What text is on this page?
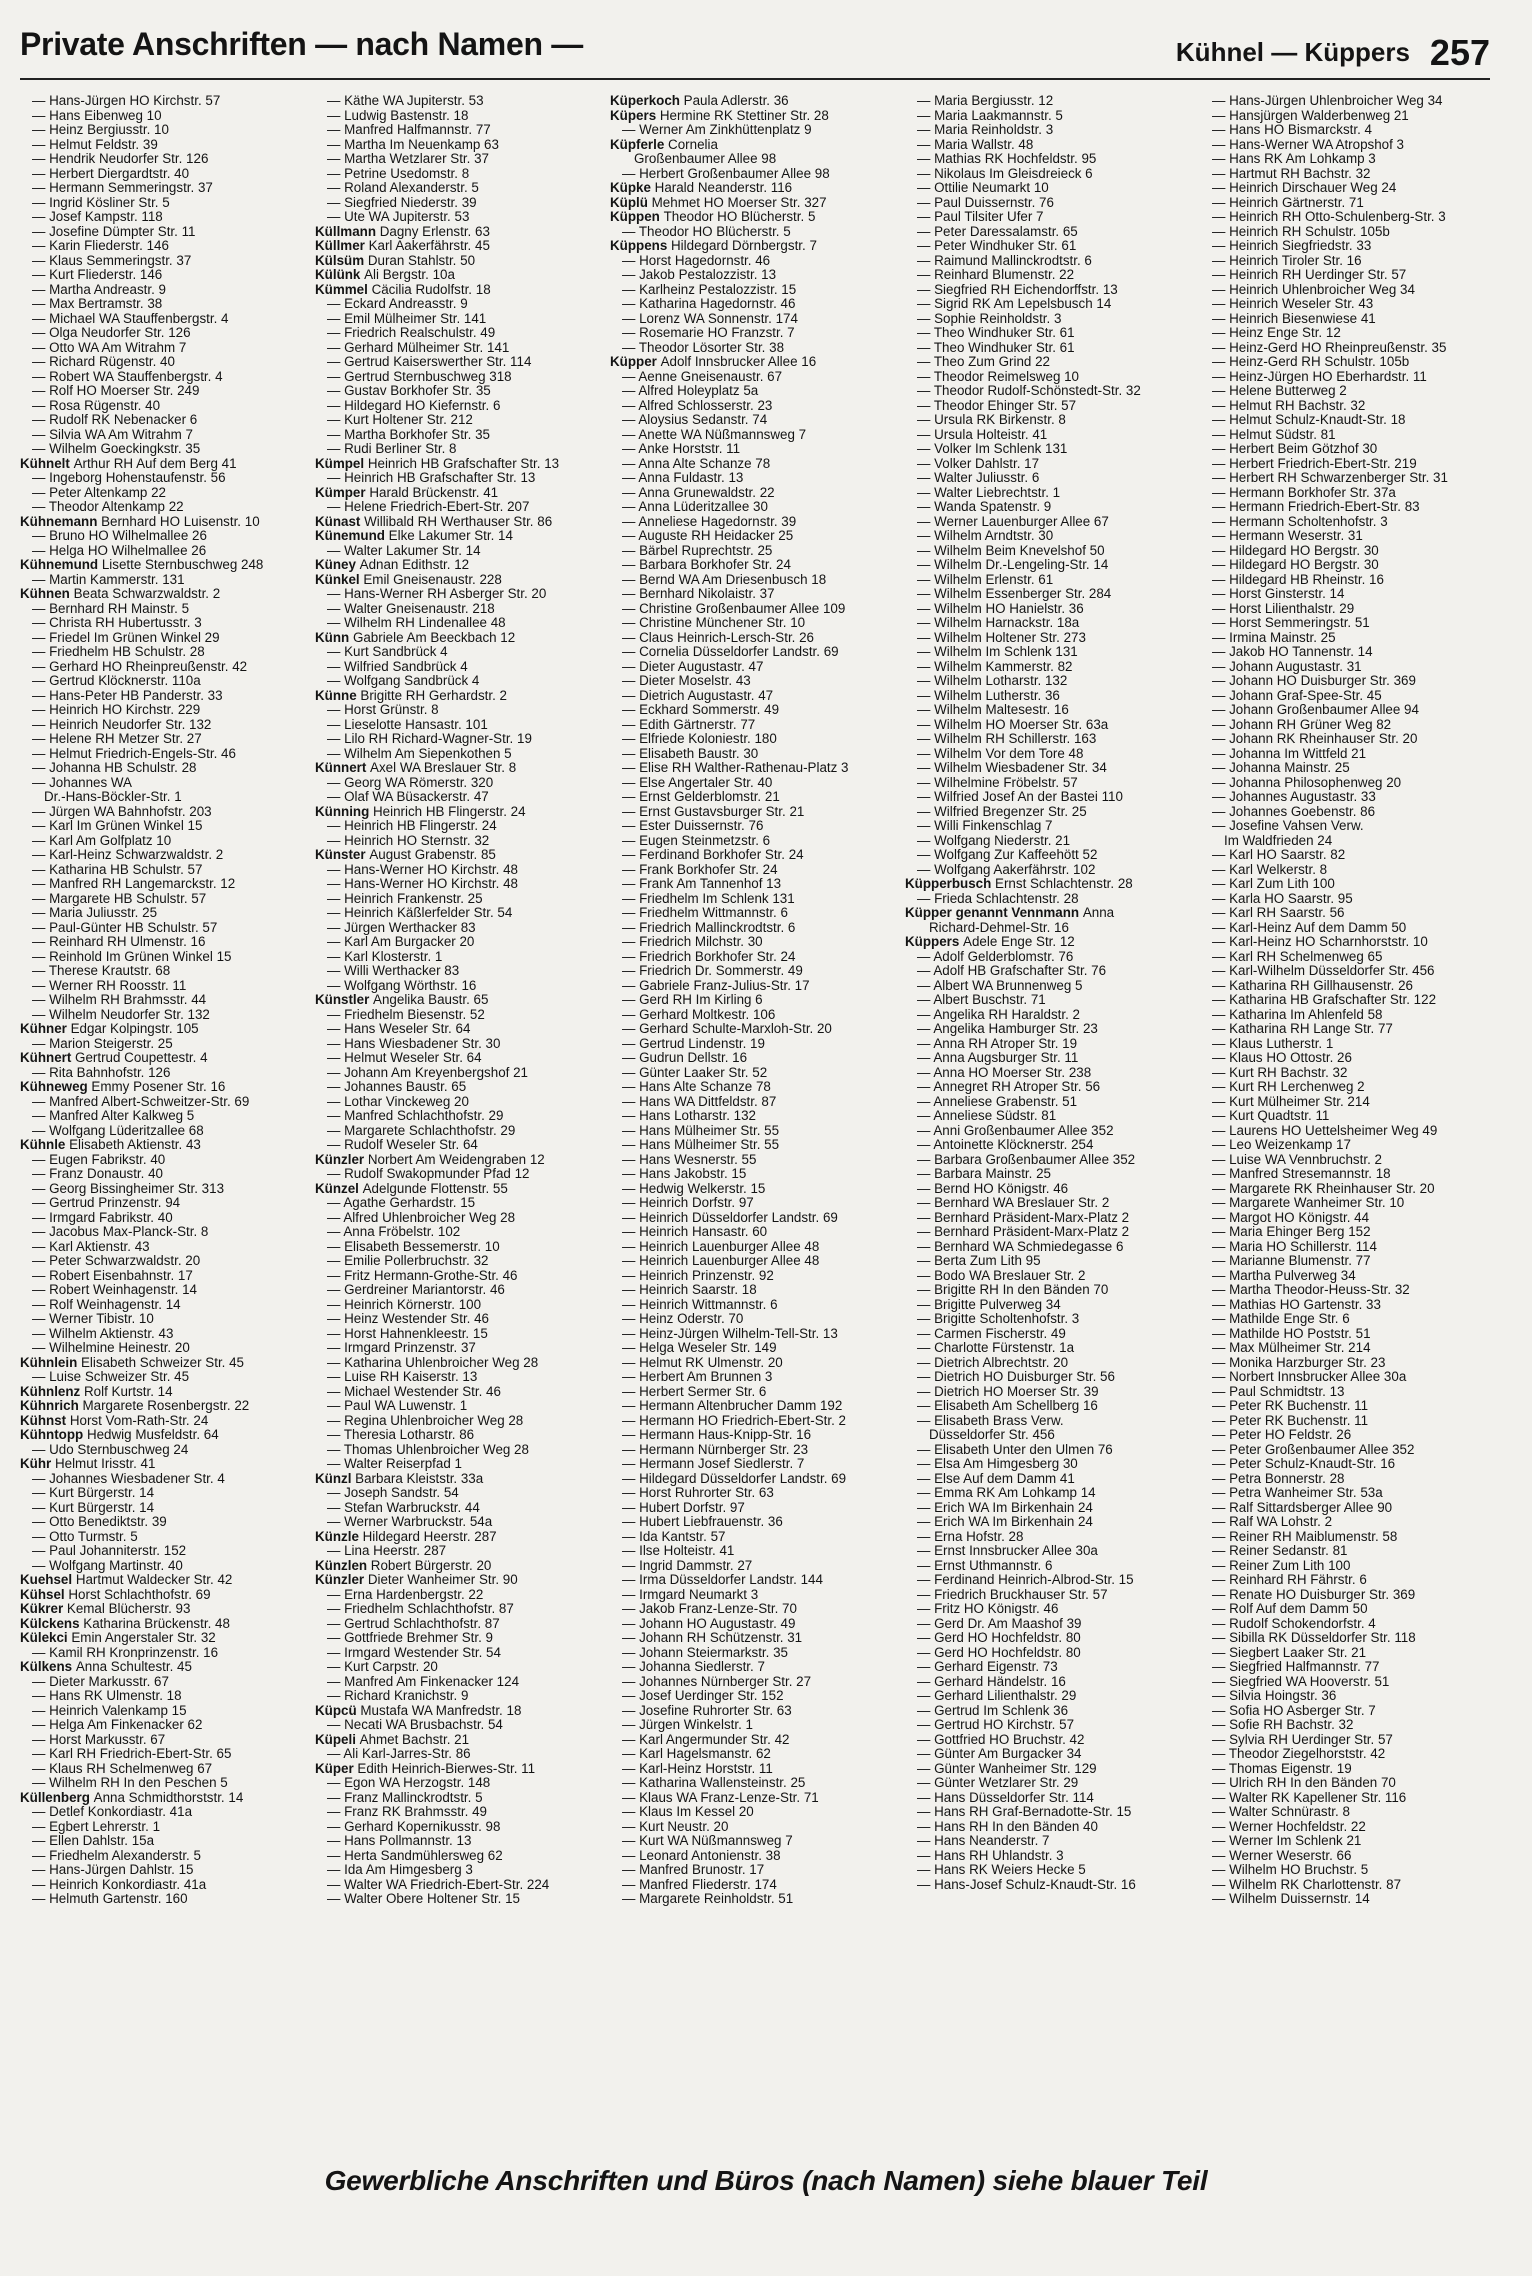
Private Anschriften — nach Namen —	Kühnel — Küppers 257
— Hans-Jürgen HO Kirchstr. 57
— Hans Eibenweg 10
— Heinz Bergiusstr. 10
— Helmut Feldstr. 39
— Hendrik Neudorfer Str. 126
— Herbert Diergardtstr. 40
— Hermann Semmeringstr. 37
— Ingrid Kösliner Str. 5
— Josef Kampstr. 118
— Josefine Dümpter Str. 11
— Karin Fliederstr. 146
— Klaus Semmeringstr. 37
— Kurt Fliederstr. 146
— Martha Andreastr. 9
— Max Bertramstr. 38
— Michael WA Stauffenbergstr. 4
— Olga Neudorfer Str. 126
— Otto WA Am Witrahm 7
— Richard Rügenstr. 40
— Robert WA Stauffenbergstr. 4
— Rolf HO Moerser Str. 249
— Rosa Rügenstr. 40
— Rudolf RK Nebenacker 6
— Silvia WA Am Witrahm 7
— Wilhelm Goeckingkstr. 35
Kühnelt Arthur RH Auf dem Berg 41
— Ingeborg Hohenstaufenstr. 56
— Peter Altenkamp 22
— Theodor Altenkamp 22
Kühnemann Bernhard HO Luisenstr. 10
— Bruno HO Wilhelmallee 26
— Helga HO Wilhelmallee 26
Kühnemund Lisette Sternbuschweg 248
— Martin Kammerstr. 131
Kühnen Beata Schwarzwaldstr. 2
— Bernhard RH Mainstr. 5
— Christa RH Hubertusstr. 3
— Friedel Im Grünen Winkel 29
— Friedhelm HB Schulstr. 28
— Gerhard HO Rheinpreußenstr. 42
— Gertrud Klöcknerstr. 110a
— Hans-Peter HB Panderstr. 33
— Heinrich HO Kirchstr. 229
— Heinrich Neudorfer Str. 132
— Helene RH Metzer Str. 27
— Helmut Friedrich-Engels-Str. 46
— Johanna HB Schulstr. 28
— Johannes WA
Dr.-Hans-Böckler-Str. 1
— Jürgen WA Bahnhofstr. 203
— Karl Im Grünen Winkel 15
— Karl Am Golfplatz 10
— Karl-Heinz Schwarzwaldstr. 2
— Katharina HB Schulstr. 57
— Manfred RH Langemarckstr. 12
— Margarete HB Schulstr. 57
— Maria Juliusstr. 25
— Paul-Günter HB Schulstr. 57
— Reinhard RH Ulmenstr. 16
— Reinhold Im Grünen Winkel 15
— Therese Krautstr. 68
— Werner RH Roosstr. 11
— Wilhelm RH Brahmsstr. 44
— Wilhelm Neudorfer Str. 132
Kühner Edgar Kolpingstr. 105
— Marion Steigerstr. 25
Kühnert Gertrud Coupettestr. 4
— Rita Bahnhofstr. 126
Kühneweg Emmy Posener Str. 16
— Manfred Albert-Schweitzer-Str. 69
— Manfred Alter Kalkweg 5
— Wolfgang Lüderitzallee 68
Kühnle Elisabeth Aktienstr. 43
— Eugen Fabrikstr. 40
— Franz Donaustr. 40
— Georg Bissingheimer Str. 313
— Gertrud Prinzenstr. 94
— Irmgard Fabrikstr. 40
— Jacobus Max-Planck-Str. 8
— Karl Aktienstr. 43
— Peter Schwarzwaldstr. 20
— Robert Eisenbahnstr. 17
— Robert Weinhagenstr. 14
— Rolf Weinhagenstr. 14
— Werner Tibistr. 10
— Wilhelm Aktienstr. 43
— Wilhelmine Heinestr. 20
Kühnlein Elisabeth Schweizer Str. 45
— Luise Schweizer Str. 45
Kühnlenz Rolf Kurtstr. 14
Kühnrich Margarete Rosenbergstr. 22
Kühnst Horst Vom-Rath-Str. 24
Kühntopp Hedwig Musfeldstr. 64
— Udo Sternbuschweg 24
Kühr Helmut Irisstr. 41
— Johannes Wiesbadener Str. 4
— Kurt Bürgerstr. 14
— Kurt Bürgerstr. 14
— Otto Benediktstr. 39
— Otto Turmstr. 5
— Paul Johanniterstr. 152
— Wolfgang Martinstr. 40
Kuehsel Hartmut Waldecker Str. 42
Kühsel Horst Schlachthofstr. 69
Kükrer Kemal Blücherstr. 93
Külckens Katharina Brückenstr. 48
Külekci Emin Angerstaler Str. 32
— Kamil RH Kronprinzenstr. 16
Külkens Anna Schultestr. 45
— Dieter Markusstr. 67
— Hans RK Ulmenstr. 18
— Heinrich Valenkamp 15
— Helga Am Finkenacker 62
— Horst Markusstr. 67
— Karl RH Friedrich-Ebert-Str. 65
— Klaus RH Schelmenweg 67
— Wilhelm RH In den Peschen 5
Küllenberg Anna Schmidthorststr. 14
— Detlef Konkordiastr. 41a
— Egbert Lehrerstr. 1
— Ellen Dahlstr. 15a
— Friedhelm Alexanderstr. 5
— Hans-Jürgen Dahlstr. 15
— Heinrich Konkordiastr. 41a
— Helmuth Gartenstr. 160
— Käthe WA Jupiterstr. 53
— Ludwig Bastenstr. 18
— Manfred Halfmannstr. 77
— Martha Im Neuenkamp 63
— Martha Wetzlarer Str. 37
— Petrine Usedomstr. 8
— Roland Alexanderstr. 5
— Siegfried Niederstr. 39
— Ute WA Jupiterstr. 53
Küllmann Dagny Erlenstr. 63
Küllmer Karl Aakerfährstr. 45
Külsüm Duran Stahlstr. 50
Külünk Ali Bergstr. 10a
Kümmel Cäcilia Rudolfstr. 18
— Eckard Andreasstr. 9
— Emil Mülheimer Str. 141
— Friedrich Realschulstr. 49
— Gerhard Mülheimer Str. 141
— Gertrud Kaiserswerther Str. 114
— Gertrud Sternbuschweg 318
— Gustav Borkhofer Str. 35
— Hildegard HO Kiefernstr. 6
— Kurt Holtener Str. 212
— Martha Borkhofer Str. 35
— Rudi Berliner Str. 8
Kümpel Heinrich HB Grafschafter Str. 13
— Heinrich HB Grafschafter Str. 13
Kümper Harald Brückenstr. 41
— Helene Friedrich-Ebert-Str. 207
Künast Willibald RH Werthauser Str. 86
Künemund Elke Lakumer Str. 14
— Walter Lakumer Str. 14
Küney Adnan Edithstr. 12
Künkel Emil Gneisenaustr. 228
— Hans-Werner RH Asberger Str. 20
— Walter Gneisenaustr. 218
— Wilhelm RH Lindenallee 48
Künn Gabriele Am Beeckbach 12
— Kurt Sandbrück 4
— Wilfried Sandbrück 4
— Wolfgang Sandbrück 4
Künne Brigitte RH Gerhardstr. 2
— Horst Grünstr. 8
— Lieselotte Hansastr. 101
— Lilo RH Richard-Wagner-Str. 19
— Wilhelm Am Siepenkothen 5
Künnert Axel WA Breslauer Str. 8
— Georg WA Römerstr. 320
— Olaf WA Büsackerstr. 47
Künning Heinrich HB Flingerstr. 24
— Heinrich HB Flingerstr. 24
— Heinrich HO Sternstr. 32
Künster August Grabenstr. 85
— Hans-Werner HO Kirchstr. 48
— Hans-Werner HO Kirchstr. 48
— Heinrich Frankenstr. 25
— Heinrich Käßlerfelder Str. 54
— Jürgen Werthacker 83
— Karl Am Burgacker 20
— Karl Klosterstr. 1
— Willi Werthacker 83
— Wolfgang Wörthstr. 16
Künstler Angelika Baustr. 65
— Friedhelm Biesenstr. 52
— Hans Weseler Str. 64
— Hans Wiesbadener Str. 30
— Helmut Weseler Str. 64
— Johann Am Kreyenbergshof 21
— Johannes Baustr. 65
— Lothar Vinckeweg 20
— Manfred Schlachthofstr. 29
— Margarete Schlachthofstr. 29
— Rudolf Weseler Str. 64
Künzler Norbert Am Weidengraben 12
— Rudolf Swakopmunder Pfad 12
Künzel Adelgunde Flottenstr. 55
— Agathe Gerhardstr. 15
— Alfred Uhlenbroicher Weg 28
— Anna Fröbelstr. 102
— Elisabeth Bessemerstr. 10
— Emilie Pollerbruchstr. 32
— Fritz Hermann-Grothe-Str. 46
— Gerdreiner Mariantorstr. 46
— Heinrich Körnerstr. 100
— Heinz Westender Str. 46
— Horst Hahnenkleestr. 15
— Irmgard Prinzenstr. 37
— Katharina Uhlenbroicher Weg 28
— Luise RH Kaiserstr. 13
— Michael Westender Str. 46
— Paul WA Luwenstr. 1
— Regina Uhlenbroicher Weg 28
— Theresia Lotharstr. 86
— Thomas Uhlenbroicher Weg 28
— Walter Reiserpfad 1
Künzl Barbara Kleiststr. 33a
— Joseph Sandstr. 54
— Stefan Warbruckstr. 44
— Werner Warbruckstr. 54a
Künzle Hildegard Heerstr. 287
— Lina Heerstr. 287
Künzlen Robert Bürgerstr. 20
Künzler Dieter Wanheimer Str. 90
— Erna Hardenbergstr. 22
— Friedhelm Schlachthofstr. 87
— Gertrud Schlachthofstr. 87
— Gottfriede Brehmer Str. 9
— Irmgard Westender Str. 54
— Kurt Carpstr. 20
— Manfred Am Finkenacker 124
— Richard Kranichstr. 9
Küpcü Mustafa WA Manfredstr. 18
— Necati WA Brusbachstr. 54
Küpeli Ahmet Bachstr. 21
— Ali Karl-Jarres-Str. 86
Küper Edith Heinrich-Bierwes-Str. 11
— Egon WA Herzogstr. 148
— Franz Mallinckrodtstr. 5
— Franz RK Brahmsstr. 49
— Gerhard Kopernikusstr. 98
— Hans Pollmannstr. 13
— Herta Sandmühlersweg 62
— Ida Am Himgesberg 3
— Walter WA Friedrich-Ebert-Str. 224
— Walter Obere Holtener Str. 15
Küperkoch Paula Adlerstr. 36
Küpers Hermine RK Stettiner Str. 28
— Werner Am Zinkhüttenplatz 9
Küpferle Cornelia
Großenbaumer Allee 98
— Herbert Großenbaumer Allee 98
Küpke Harald Neanderstr. 116
Küplü Mehmet HO Moerser Str. 327
Küppen Theodor HO Blücherstr. 5
— Theodor HO Blücherstr. 5
Küppens Hildegard Dörnbergstr. 7
— Horst Hagedornstr. 46
— Jakob Pestalozzistr. 13
— Karlheinz Pestalozzistr. 15
— Katharina Hagedornstr. 46
— Lorenz WA Sonnenstr. 174
— Rosemarie HO Franzstr. 7
— Theodor Lösorter Str. 38
Küpper Adolf Innsbrucker Allee 16
— Aenne Gneisenaustr. 67
— Alfred Holeyplatz 5a
— Alfred Schlosserstr. 23
— Aloysius Sedanstr. 74
— Anette WA Nüßmannsweg 7
— Anke Horststr. 11
— Anna Alte Schanze 78
— Anna Fuldastr. 13
— Anna Grunewaldstr. 22
— Anna Lüderitzallee 30
— Anneliese Hagedornstr. 39
— Auguste RH Heidacker 25
— Bärbel Ruprechtstr. 25
— Barbara Borkhofer Str. 24
— Bernd WA Am Driesenbusch 18
— Bernhard Nikolaistr. 37
— Christine Großenbaumer Allee 109
— Christine Münchener Str. 10
— Claus Heinrich-Lersch-Str. 26
— Cornelia Düsseldorfer Landstr. 69
— Dieter Augustastr. 47
— Dieter Moselstr. 43
— Dietrich Augustastr. 47
— Eckhard Sommerstr. 49
— Edith Gärtnerstr. 77
— Elfriede Koloniestr. 180
— Elisabeth Baustr. 30
— Elise RH Walther-Rathenau-Platz 3
— Else Angertaler Str. 40
— Ernst Gelderblomstr. 21
— Ernst Gustavsburger Str. 21
— Ester Duissernstr. 76
— Eugen Steinmetzstr. 6
— Ferdinand Borkhofer Str. 24
— Frank Borkhofer Str. 24
— Frank Am Tannenhof 13
— Friedhelm Im Schlenk 131
— Friedhelm Wittmannstr. 6
— Friedrich Mallinckrodtstr. 6
— Friedrich Milchstr. 30
— Friedrich Borkhofer Str. 24
— Friedrich Dr. Sommerstr. 49
— Gabriele Franz-Julius-Str. 17
— Gerd RH Im Kirling 6
— Gerhard Moltkestr. 106
— Gerhard Schulte-Marxloh-Str. 20
— Gertrud Lindenstr. 19
— Gudrun Dellstr. 16
— Günter Laaker Str. 52
— Hans Alte Schanze 78
— Hans WA Dittfeldstr. 87
— Hans Lotharstr. 132
— Hans Mülheimer Str. 55
— Hans Mülheimer Str. 55
— Hans Wesnerstr. 55
— Hans Jakobstr. 15
— Hedwig Welkerstr. 15
— Heinrich Dorfstr. 97
— Heinrich Düsseldorfer Landstr. 69
— Heinrich Hansastr. 60
— Heinrich Lauenburger Allee 48
— Heinrich Lauenburger Allee 48
— Heinrich Prinzenstr. 92
— Heinrich Saarstr. 18
— Heinrich Wittmannstr. 6
— Heinz Oderstr. 70
— Heinz-Jürgen Wilhelm-Tell-Str. 13
— Helga Weseler Str. 149
— Helmut RK Ulmenstr. 20
— Herbert Am Brunnen 3
— Herbert Sermer Str. 6
— Hermann Altenbrucher Damm 192
— Hermann HO Friedrich-Ebert-Str. 2
— Hermann Haus-Knipp-Str. 16
— Hermann Nürnberger Str. 23
— Hermann Josef Siedlerstr. 7
— Hildegard Düsseldorfer Landstr. 69
— Horst Ruhrorter Str. 63
— Hubert Dorfstr. 97
— Hubert Liebfrauenstr. 36
— Ida Kantstr. 57
— Ilse Holteistr. 41
— Ingrid Dammstr. 27
— Irma Düsseldorfer Landstr. 144
— Irmgard Neumarkt 3
— Jakob Franz-Lenze-Str. 70
— Johann HO Augustastr. 49
— Johann RH Schützenstr. 31
— Johann Steiermarkstr. 35
— Johanna Siedlerstr. 7
— Johannes Nürnberger Str. 27
— Josef Uerdinger Str. 152
— Josefine Ruhrorter Str. 63
— Jürgen Winkelstr. 1
— Karl Angermunder Str. 42
— Karl Hagelsmanstr. 62
— Karl-Heinz Horststr. 11
— Katharina Wallensteinstr. 25
— Klaus WA Franz-Lenze-Str. 71
— Klaus Im Kessel 20
— Kurt Neustr. 20
— Kurt WA Nüßmannsweg 7
— Leonard Antonienstr. 38
— Manfred Brunostr. 17
— Manfred Fliederstr. 174
— Margarete Reinholdstr. 51
— Maria Bergiusstr. 12
— Maria Laakmannstr. 5
— Maria Reinholdstr. 3
— Maria Wallstr. 48
— Mathias RK Hochfeldstr. 95
— Nikolaus Im Gleisdreieck 6
— Ottilie Neumarkt 10
— Paul Duissernstr. 76
— Paul Tilsiter Ufer 7
— Peter Daressalamstr. 65
— Peter Windhuker Str. 61
— Raimund Mallinckrodtstr. 6
— Reinhard Blumenstr. 22
— Siegfried RH Eichendorffstr. 13
— Sigrid RK Am Lepelsbusch 14
— Sophie Reinholdstr. 3
— Theo Windhuker Str. 61
— Theo Windhuker Str. 61
— Theo Zum Grind 22
— Theodor Reimelsweg 10
— Theodor Rudolf-Schönstedt-Str. 32
— Theodor Ehinger Str. 57
— Ursula RK Birkenstr. 8
— Ursula Holteistr. 41
— Volker Im Schlenk 131
— Volker Dahlstr. 17
— Walter Juliusstr. 6
— Walter Liebrechtstr. 1
— Wanda Spatenstr. 9
— Werner Lauenburger Allee 67
— Wilhelm Arndtstr. 30
— Wilhelm Beim Knevelshof 50
— Wilhelm Dr.-Lengeling-Str. 14
— Wilhelm Erlenstr. 61
— Wilhelm Essenberger Str. 284
— Wilhelm HO Hanielstr. 36
— Wilhelm Harnackstr. 18a
— Wilhelm Holtener Str. 273
— Wilhelm Im Schlenk 131
— Wilhelm Kammerstr. 82
— Wilhelm Lotharstr. 132
— Wilhelm Lutherstr. 36
— Wilhelm Maltesestr. 16
— Wilhelm HO Moerser Str. 63a
— Wilhelm RH Schillerstr. 163
— Wilhelm Vor dem Tore 48
— Wilhelm Wiesbadener Str. 34
— Wilhelmine Fröbelstr. 57
— Wilfried Josef An der Bastei 110
— Wilfried Bregenzer Str. 25
— Willi Finkenschlag 7
— Wolfgang Niederstr. 21
— Wolfgang Zur Kaffeehött 52
— Wolfgang Aakerfährstr. 102
Küpperbusch Ernst Schlachtenstr. 28
— Frieda Schlachtenstr. 28
Küpper genannt Vennmann Anna
Richard-Dehmel-Str. 16
Küppers Adele Enge Str. 12
— Adolf Gelderblomstr. 76
— Adolf HB Grafschafter Str. 76
— Albert WA Brunnenweg 5
— Albert Buschstr. 71
— Angelika RH Haraldstr. 2
— Angelika Hamburger Str. 23
— Anna RH Atroper Str. 19
— Anna Augsburger Str. 11
— Anna HO Moerser Str. 238
— Annegret RH Atroper Str. 56
— Anneliese Grabenstr. 51
— Anneliese Südstr. 81
— Anni Großenbaumer Allee 352
— Antoinette Klöcknerstr. 254
— Barbara Großenbaumer Allee 352
— Barbara Mainstr. 25
— Bernd HO Königstr. 46
— Bernhard WA Breslauer Str. 2
— Bernhard Präsident-Marx-Platz 2
— Bernhard Präsident-Marx-Platz 2
— Bernhard WA Schmiedegasse 6
— Berta Zum Lith 95
— Bodo WA Breslauer Str. 2
— Brigitte RH In den Bänden 70
— Brigitte Pulverweg 34
— Brigitte Scholtenhofstr. 3
— Carmen Fischerstr. 49
— Charlotte Fürstenstr. 1a
— Dietrich Albrechtstr. 20
— Dietrich HO Duisburger Str. 56
— Dietrich HO Moerser Str. 39
— Elisabeth Am Schellberg 16
— Elisabeth Brass Verw.
Düsseldorfer Str. 456
— Elisabeth Unter den Ulmen 76
— Elsa Am Himgesberg 30
— Else Auf dem Damm 41
— Emma RK Am Lohkamp 14
— Erich WA Im Birkenhain 24
— Erich WA Im Birkenhain 24
— Erna Hofstr. 28
— Ernst Innsbrucker Allee 30a
— Ernst Uthmannstr. 6
— Ferdinand Heinrich-Albrod-Str. 15
— Friedrich Bruckhauser Str. 57
— Fritz HO Königstr. 46
— Gerd Dr. Am Maashof 39
— Gerd HO Hochfeldstr. 80
— Gerd HO Hochfeldstr. 80
— Gerhard Eigenstr. 73
— Gerhard Händelstr. 16
— Gerhard Lilienthalstr. 29
— Gertrud Im Schlenk 36
— Gertrud HO Kirchstr. 57
— Gottfried HO Bruchstr. 42
— Günter Am Burgacker 34
— Günter Wanheimer Str. 129
— Günter Wetzlarer Str. 29
— Hans Düsseldorfer Str. 114
— Hans RH Graf-Bernadotte-Str. 15
— Hans RH In den Bänden 40
— Hans Neanderstr. 7
— Hans RH Uhlandstr. 3
— Hans RK Weiers Hecke 5
— Hans-Josef Schulz-Knaudt-Str. 16
— Hans-Jürgen Uhlenbroicher Weg 34
— Hansjürgen Walderbenweg 21
— Hans HO Bismarckstr. 4
— Hans-Werner WA Atropshof 3
— Hans RK Am Lohkamp 3
— Hartmut RH Bachstr. 32
— Heinrich Dirschauer Weg 24
— Heinrich Gärtnerstr. 71
— Heinrich RH Otto-Schulenberg-Str. 3
— Heinrich RH Schulstr. 105b
— Heinrich Siegfriedstr. 33
— Heinrich Tiroler Str. 16
— Heinrich RH Uerdinger Str. 57
— Heinrich Uhlenbroicher Weg 34
— Heinrich Weseler Str. 43
— Heinrich Biesenwiese 41
— Heinz Enge Str. 12
— Heinz-Gerd HO Rheinpreußenstr. 35
— Heinz-Gerd RH Schulstr. 105b
— Heinz-Jürgen HO Eberhardstr. 11
— Helene Butterweg 2
— Helmut RH Bachstr. 32
— Helmut Schulz-Knaudt-Str. 18
— Helmut Südstr. 81
— Herbert Beim Götzhof 30
— Herbert Friedrich-Ebert-Str. 219
— Herbert RH Schwarzenberger Str. 31
— Hermann Borkhofer Str. 37a
— Hermann Friedrich-Ebert-Str. 83
— Hermann Scholtenhofstr. 3
— Hermann Weserstr. 31
— Hildegard HO Bergstr. 30
— Hildegard HO Bergstr. 30
— Hildegard HB Rheinstr. 16
— Horst Ginsterstr. 14
— Horst Lilienthalstr. 29
— Horst Semmeringstr. 51
— Irmina Mainstr. 25
— Jakob HO Tannenstr. 14
— Johann Augustastr. 31
— Johann HO Duisburger Str. 369
— Johann Graf-Spee-Str. 45
— Johann Großenbaumer Allee 94
— Johann RH Grüner Weg 82
— Johann RK Rheinhauser Str. 20
— Johanna Im Wittfeld 21
— Johanna Mainstr. 25
— Johanna Philosophenweg 20
— Johannes Augustastr. 33
— Johannes Goebenstr. 86
— Josefine Vahsen Verw.
Im Waldfrieden 24
— Karl HO Saarstr. 82
— Karl Welkerstr. 8
— Karl Zum Lith 100
— Karla HO Saarstr. 95
— Karl RH Saarstr. 56
— Karl-Heinz Auf dem Damm 50
— Karl-Heinz HO Scharnhorststr. 10
— Karl RH Schelmenweg 65
— Karl-Wilhelm Düsseldorfer Str. 456
— Katharina RH Gillhausenstr. 26
— Katharina HB Grafschafter Str. 122
— Katharina Im Ahlenfeld 58
— Katharina RH Lange Str. 77
— Klaus Lutherstr. 1
— Klaus HO Ottostr. 26
— Kurt RH Bachstr. 32
— Kurt RH Lerchenweg 2
— Kurt Mülheimer Str. 214
— Kurt Quadtstr. 11
— Laurens HO Uettelsheimer Weg 49
— Leo Weizenkamp 17
— Luise WA Vennbruchstr. 2
— Manfred Stresemannstr. 18
— Margarete RK Rheinhauser Str. 20
— Margarete Wanheimer Str. 10
— Margot HO Königstr. 44
— Maria Ehinger Berg 152
— Maria HO Schillerstr. 114
— Marianne Blumenstr. 77
— Martha Pulverweg 34
— Martha Theodor-Heuss-Str. 32
— Mathias HO Gartenstr. 33
— Mathilde Enge Str. 6
— Mathilde HO Poststr. 51
— Max Mülheimer Str. 214
— Monika Harzburger Str. 23
— Norbert Innsbrucker Allee 30a
— Paul Schmidtstr. 13
— Peter RK Buchenstr. 11
— Peter RK Buchenstr. 11
— Peter HO Feldstr. 26
— Peter Großenbaumer Allee 352
— Peter Schulz-Knaudt-Str. 16
— Petra Bonnerstr. 28
— Petra Wanheimer Str. 53a
— Ralf Sittardsberger Allee 90
— Ralf WA Lohstr. 2
— Reiner RH Maiblumenstr. 58
— Reiner Sedanstr. 81
— Reiner Zum Lith 100
— Reinhard RH Fährstr. 6
— Renate HO Duisburger Str. 369
— Rolf Auf dem Damm 50
— Rudolf Schokendorfstr. 4
— Sibilla RK Düsseldorfer Str. 118
— Siegbert Laaker Str. 21
— Siegfried Halfmannstr. 77
— Siegfried WA Hooverstr. 51
— Silvia Hoingstr. 36
— Sofia HO Asberger Str. 7
— Sofie RH Bachstr. 32
— Sylvia RH Uerdinger Str. 57
— Theodor Ziegelhorststr. 42
— Thomas Eigenstr. 19
— Ulrich RH In den Bänden 70
— Walter RK Kapellener Str. 116
— Walter Schnürastr. 8
— Werner Hochfeldstr. 22
— Werner Im Schlenk 21
— Werner Weserstr. 66
— Wilhelm HO Bruchstr. 5
— Wilhelm RK Charlottenstr. 87
— Wilhelm Duissernstr. 14
Gewerbliche Anschriften und Büros (nach Namen) siehe blauer Teil
